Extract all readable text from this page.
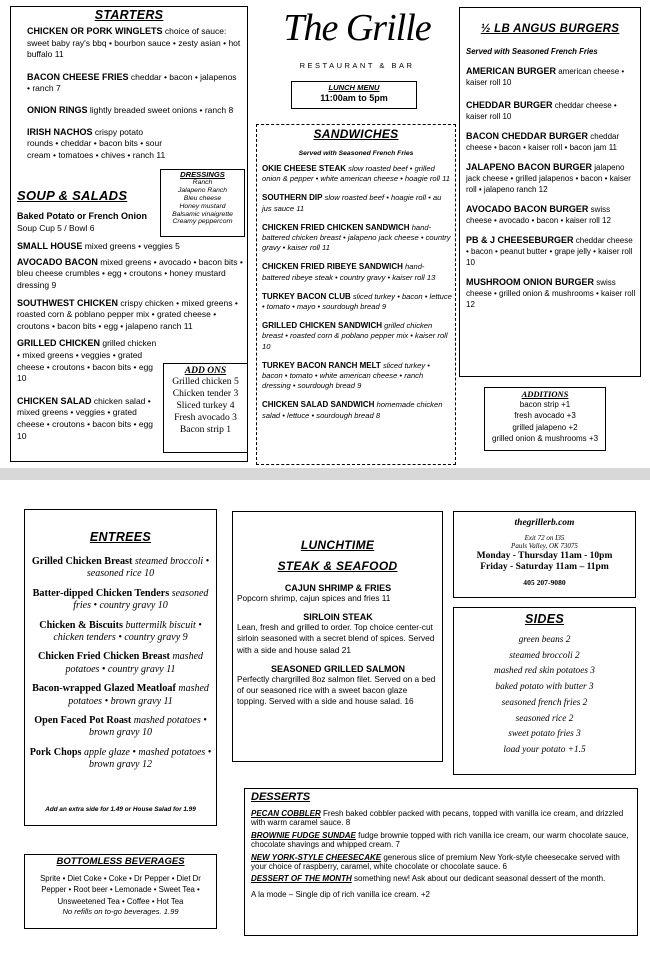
STARTERS
CHICKEN OR PORK WINGLETS choice of sauce: sweet baby ray's bbq • bourbon sauce • zesty asian • hot buffalo 11
BACON CHEESE FRIES cheddar • bacon • jalapenos • ranch 7
ONION RINGS lightly breaded sweet onions • ranch 8
IRISH NACHOS crispy potato rounds • cheddar • bacon bits • sour cream • tomatoes • chives • ranch 11
SOUP & SALADS
Baked Potato or French Onion Soup Cup 5 / Bowl 6
SMALL HOUSE mixed greens • veggies 5
AVOCADO BACON mixed greens • avocado • bacon bits • bleu cheese crumbles • egg • croutons • honey mustard dressing 9
SOUTHWEST CHICKEN crispy chicken • mixed greens • roasted corn & poblano pepper mix • grated cheese • croutons • bacon bits • egg • jalapeno ranch 11
GRILLED CHICKEN grilled chicken • mixed greens • veggies • grated cheese • croutons • bacon bits • egg 10
CHICKEN SALAD chicken salad • mixed greens • veggies • grated cheese • croutons • bacon bits • egg 10
DRESSINGS
Ranch
Jalapeno Ranch
Bleu cheese
Honey mustard
Balsamic vinaigrette
Creamy peppercorn
ADD ONS
Grilled chicken 5
Chicken tender 3
Sliced turkey 4
Fresh avocado 3
Bacon strip 1
The Grille
RESTAURANT & BAR
LUNCH MENU
11:00am to 5pm
SANDWICHES
Served with Seasoned French Fries
OKIE CHEESE STEAK slow roasted beef • grilled onion & pepper • white american cheese • hoagie roll 11
SOUTHERN DIP slow roasted beef • hoagie roll • au jus sauce 11
CHICKEN FRIED CHICKEN SANDWICH hand-battered chicken breast • jalapeno jack cheese • country gravy • kaiser roll 11
CHICKEN FRIED RIBEYE SANDWICH hand-battered ribeye steak • country gravy • kaiser roll 13
TURKEY BACON CLUB sliced turkey • bacon • lettuce • tomato • mayo • sourdough bread 9
GRILLED CHICKEN SANDWICH grilled chicken breast • roasted corn & poblano pepper mix • kaiser roll 10
TURKEY BACON RANCH MELT sliced turkey • bacon • tomato • white american cheese • ranch dressing • sourdough bread 9
CHICKEN SALAD SANDWICH homemade chicken salad • lettuce • sourdough bread 8
½ LB ANGUS BURGERS
Served with Seasoned French Fries
AMERICAN BURGER american cheese • kaiser roll 10
CHEDDAR BURGER cheddar cheese • kaiser roll 10
BACON CHEDDAR BURGER cheddar cheese • bacon • kaiser roll • bacon jam 11
JALAPENO BACON BURGER jalapeno jack cheese • grilled jalapenos • bacon • kaiser roll • jalapeno ranch 12
AVOCADO BACON BURGER swiss cheese • avocado • bacon • kaiser roll 12
PB & J CHEESEBURGER cheddar cheese • bacon • peanut butter • grape jelly • kaiser roll 10
MUSHROOM ONION BURGER swiss cheese • grilled onion & mushrooms • kaiser roll 12
ADDITIONS
bacon strip +1
fresh avocado +3
grilled jalapeno +2
grilled onion & mushrooms +3
ENTREES
Grilled Chicken Breast steamed broccoli • seasoned rice 10
Batter-dipped Chicken Tenders seasoned fries • country gravy 10
Chicken & Biscuits buttermilk biscuit • chicken tenders • country gravy 9
Chicken Fried Chicken Breast mashed potatoes • country gravy 11
Bacon-wrapped Glazed Meatloaf mashed potatoes • brown gravy 11
Open Faced Pot Roast mashed potatoes • brown gravy 10
Pork Chops apple glaze • mashed potatoes • brown gravy 12
Add an extra side for 1.49 or House Salad for 1.99
BOTTOMLESS BEVERAGES
Sprite • Diet Coke • Coke • Dr Pepper • Diet Dr
Pepper • Root beer • Lemonade • Sweet Tea •
Unsweetened Tea • Coffee • Hot Tea
No refills on to-go beverages. 1.99
LUNCHTIME
STEAK & SEAFOOD
CAJUN SHRIMP & FRIES
Popcorn shrimp, cajun spices and fries 11
SIRLOIN STEAK
Lean, fresh and grilled to order. Top choice center-cut sirloin seasoned with a secret blend of spices. Served with a side and house salad 21
SEASONED GRILLED SALMON
Perfectly chargrilled 8oz salmon filet. Served on a bed of our seasoned rice with a sweet bacon glaze topping. Served with a side and house salad. 16
thegrillerb.com
Exit 72 on I35
Pauls Valley, OK 73075
Monday - Thursday 11am - 10pm
Friday - Saturday 11am – 11pm
405 207-9080
SIDES
green beans 2
steamed broccoli 2
mashed red skin potatoes 3
baked potato with butter 3
seasoned french fries 2
seasoned rice 2
sweet potato fries 3
load your potato +1.5
DESSERTS
PECAN COBBLER Fresh baked cobbler packed with pecans, topped with vanilla ice cream, and drizzled with warm caramel sauce. 8
BROWNIE FUDGE SUNDAE fudge brownie topped with rich vanilla ice cream, our warm chocolate sauce, chocolate shavings and whipped cream. 7
NEW YORK-STYLE CHEESECAKE generous slice of premium New York-style cheesecake served with your choice of raspberry, caramel, white chocolate or chocolate sauce. 6
DESSERT OF THE MONTH something new! Ask about our dedicant seasonal dessert of the month.
A la mode – Single dip of rich vanilla ice cream. +2
